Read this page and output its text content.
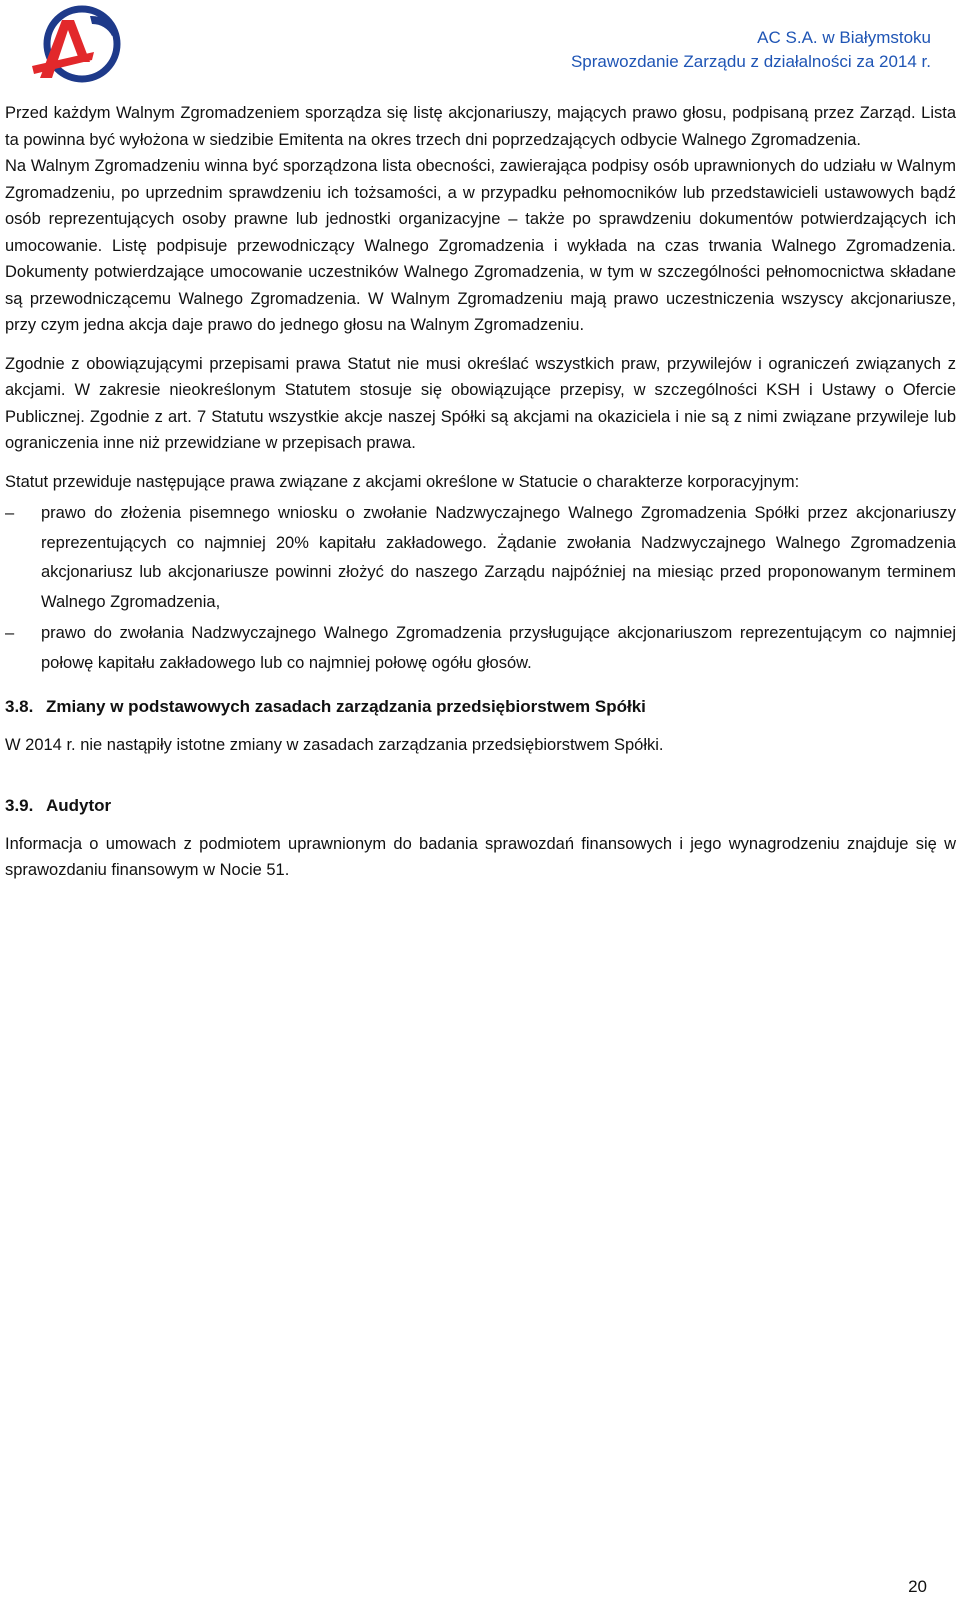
AC S.A. w Białymstoku
Sprawozdanie Zarządu z działalności za 2014 r.

Przed każdym Walnym Zgromadzeniem sporządza się listę akcjonariuszy, mających prawo głosu, podpisaną przez Zarząd. Lista ta powinna być wyłożona w siedzibie Emitenta na okres trzech dni poprzedzających odbycie Walnego Zgromadzenia.

Na Walnym Zgromadzeniu winna być sporządzona lista obecności, zawierająca podpisy osób uprawnionych do udziału w Walnym Zgromadzeniu, po uprzednim sprawdzeniu ich tożsamości, a w przypadku pełnomocników lub przedstawicieli ustawowych bądź osób reprezentujących osoby prawne lub jednostki organizacyjne – także po sprawdzeniu dokumentów potwierdzających ich umocowanie. Listę podpisuje przewodniczący Walnego Zgromadzenia i wykłada na czas trwania Walnego Zgromadzenia. Dokumenty potwierdzające umocowanie uczestników Walnego Zgromadzenia, w tym w szczególności pełnomocnictwa składane są przewodniczącemu Walnego Zgromadzenia. W Walnym Zgromadzeniu mają prawo uczestniczenia wszyscy akcjonariusze, przy czym jedna akcja daje prawo do jednego głosu na Walnym Zgromadzeniu.

Zgodnie z obowiązującymi przepisami prawa Statut nie musi określać wszystkich praw, przywilejów i ograniczeń związanych z akcjami. W zakresie nieokreślonym Statutem stosuje się obowiązujące przepisy, w szczególności KSH i Ustawy o Ofercie Publicznej. Zgodnie z art. 7 Statutu wszystkie akcje naszej Spółki są akcjami na okaziciela i nie są z nimi związane przywileje lub ograniczenia inne niż przewidziane w przepisach prawa.

Statut przewiduje następujące prawa związane z akcjami określone w Statucie o charakterze korporacyjnym:

– prawo do złożenia pisemnego wniosku o zwołanie Nadzwyczajnego Walnego Zgromadzenia Spółki przez akcjonariuszy reprezentujących co najmniej 20% kapitału zakładowego. Żądanie zwołania Nadzwyczajnego Walnego Zgromadzenia akcjonariusz lub akcjonariusze powinni złożyć do naszego Zarządu najpóźniej na miesiąc przed proponowanym terminem Walnego Zgromadzenia,
– prawo do zwołania Nadzwyczajnego Walnego Zgromadzenia przysługujące akcjonariuszom reprezentującym co najmniej połowę kapitału zakładowego lub co najmniej połowę ogółu głosów.
3.8. Zmiany w podstawowych zasadach zarządzania przedsiębiorstwem Spółki

W 2014 r. nie nastąpiły istotne zmiany w zasadach zarządzania przedsiębiorstwem Spółki.

3.9. Audytor

Informacja o umowach z podmiotem uprawnionym do badania sprawozdań finansowych i jego wynagrodzeniu znajduje się w sprawozdaniu finansowym w Nocie 51.

20
